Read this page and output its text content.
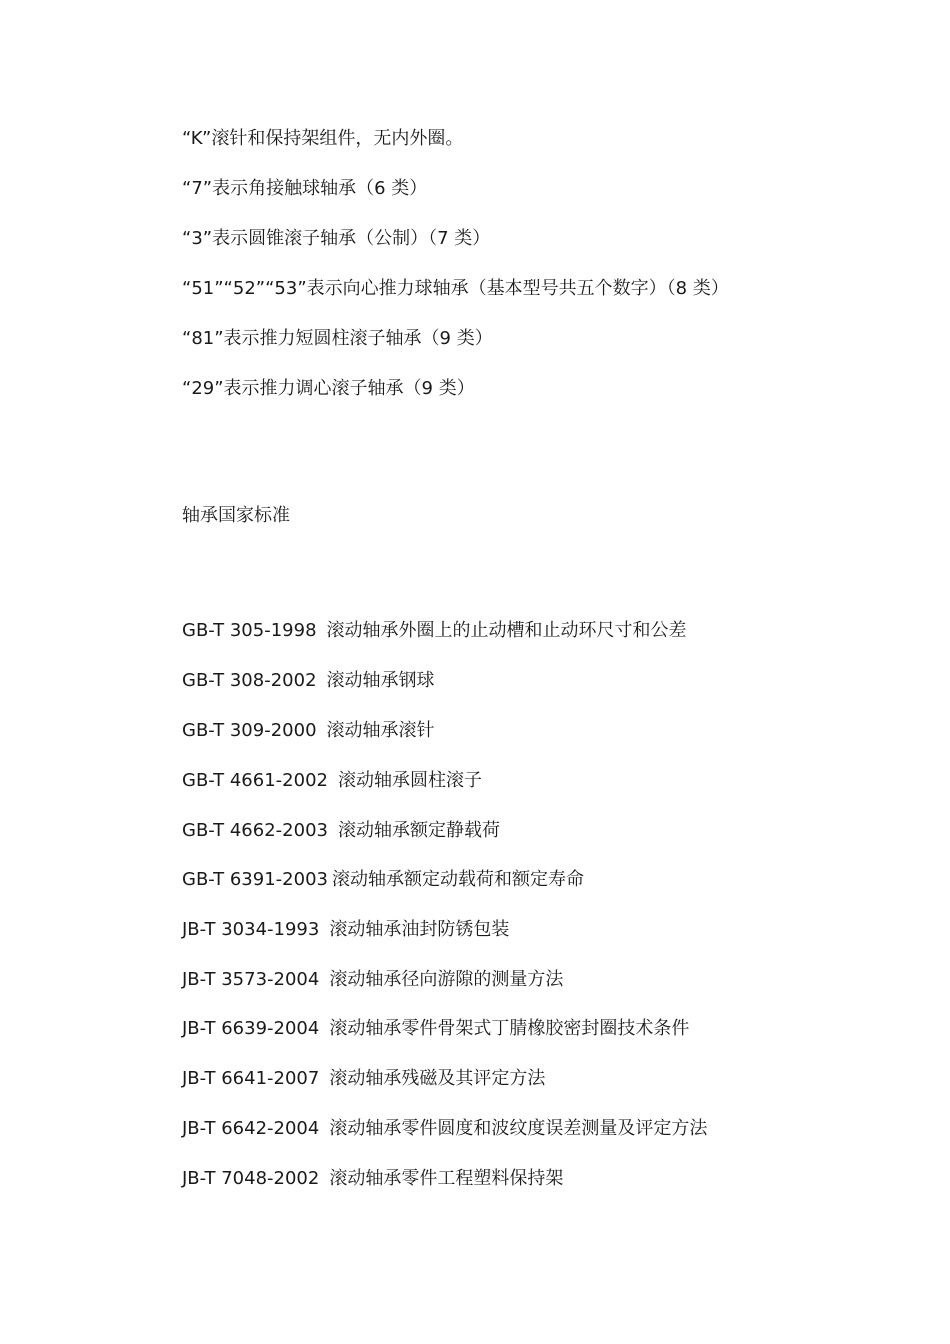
“K”滚针和保持架组件，无内外圈。
“7”表示角接触球轴承（6 类）
“3”表示圆锥滚子轴承（公制）（7 类）
“51”“52”“53”表示向心推力球轴承（基本型号共五个数字）（8 类）
“81”表示推力短圆柱滚子轴承（9 类）
“29”表示推力调心滚子轴承（9 类）
轴承国家标准
GB-T 305-1998 滚动轴承外圈上的止动槽和止动环尺寸和公差
GB-T 308-2002 滚动轴承钢球
GB-T 309-2000 滚动轴承滚针
GB-T 4661-2002 滚动轴承圆柱滚子
GB-T 4662-2003 滚动轴承额定静载荷
GB-T 6391-2003 滚动轴承额定动载荷和额定寿命
JB-T 3034-1993 滚动轴承油封防锈包装
JB-T 3573-2004 滚动轴承径向游隙的测量方法
JB-T 6639-2004 滚动轴承零件骨架式丁腈橡胶密封圈技术条件
JB-T 6641-2007 滚动轴承残磁及其评定方法
JB-T 6642-2004 滚动轴承零件圆度和波纹度误差测量及评定方法
JB-T 7048-2002 滚动轴承零件工程塑料保持架
